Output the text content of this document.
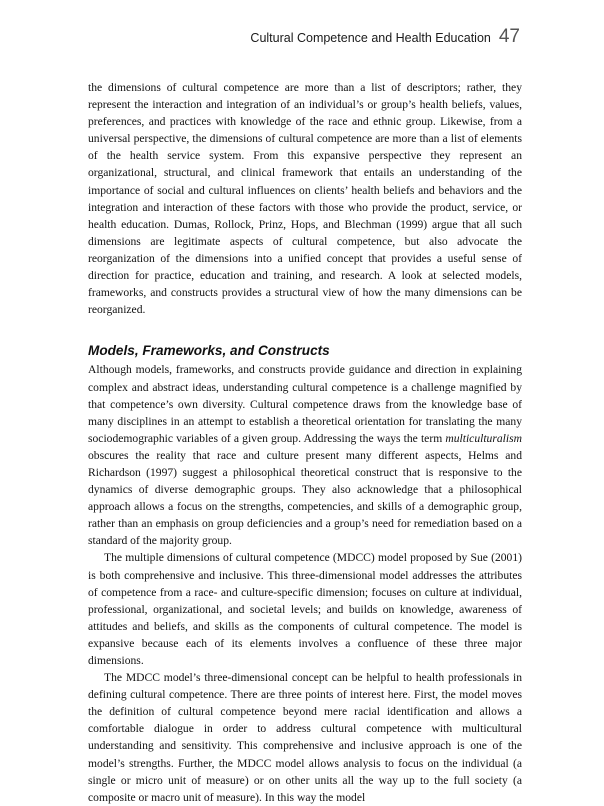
Cultural Competence and Health Education 47

the dimensions of cultural competence are more than a list of descriptors; rather, they represent the interaction and integration of an individual’s or group’s health beliefs, values, preferences, and practices with knowledge of the race and ethnic group. Likewise, from a universal perspective, the dimensions of cultural competence are more than a list of elements of the health service system. From this expansive perspective they represent an organizational, structural, and clinical framework that entails an understanding of the importance of social and cultural influences on clients’ health beliefs and behaviors and the integration and interaction of these factors with those who provide the product, service, or health education. Dumas, Rollock, Prinz, Hops, and Blechman (1999) argue that all such dimensions are legitimate aspects of cultural competence, but also advocate the reorganization of the dimensions into a unified concept that provides a useful sense of direction for practice, education and training, and research. A look at selected models, frameworks, and constructs provides a structural view of how the many dimensions can be reorganized.

Models, Frameworks, and Constructs

Although models, frameworks, and constructs provide guidance and direction in explaining complex and abstract ideas, understanding cultural competence is a challenge magnified by that competence’s own diversity. Cultural competence draws from the knowledge base of many disciplines in an attempt to establish a theoretical orientation for translating the many sociodemographic variables of a given group. Addressing the ways the term multiculturalism obscures the reality that race and culture present many different aspects, Helms and Richardson (1997) suggest a philosophical theoretical construct that is responsive to the dynamics of diverse demographic groups. They also acknowledge that a philosophical approach allows a focus on the strengths, competencies, and skills of a demographic group, rather than an emphasis on group deficiencies and a group’s need for remediation based on a standard of the majority group.

The multiple dimensions of cultural competence (MDCC) model proposed by Sue (2001) is both comprehensive and inclusive. This three-dimensional model addresses the attributes of competence from a race- and culture-specific dimension; focuses on culture at individual, professional, organizational, and societal levels; and builds on knowledge, awareness of attitudes and beliefs, and skills as the components of cultural competence. The model is expansive because each of its elements involves a confluence of these three major dimensions.

The MDCC model’s three-dimensional concept can be helpful to health professionals in defining cultural competence. There are three points of interest here. First, the model moves the definition of cultural competence beyond mere racial identification and allows a comfortable dialogue in order to address cultural competence with multicultural understanding and sensitivity. This comprehensive and inclusive approach is one of the model’s strengths. Further, the MDCC model allows analysis to focus on the individual (a single or micro unit of measure) or on other units all the way up to the full society (a composite or macro unit of measure). In this way the model
